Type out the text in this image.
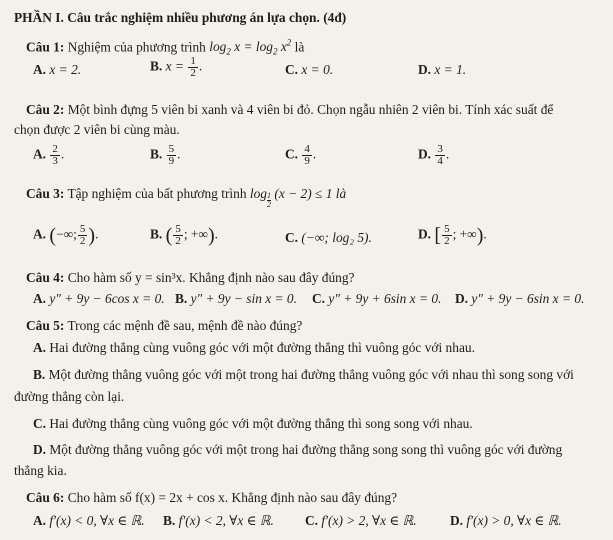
PHẦN I. Câu trắc nghiệm nhiều phương án lựa chọn. (4đ)
Câu 1: Nghiệm của phương trình $\log_2 x = \log_2 x^2$ là
A. x = 2.	B. $x = \frac{1}{2}$ .	C. x = 0.	D. x = 1.
Câu 2: Một bình đựng 5 viên bi xanh và 4 viên bi đỏ. Chọn ngẫu nhiên 2 viên bi. Tính xác suất để
chọn được 2 viên bi cùng màu.
A. $\frac{2}{3}$ .	B. $\frac{5}{9}$ .	C. $\frac{4}{9}$ .	D. $\frac{3}{4}$ .
Câu 3: Tập nghiệm của bất phương trình $\log \frac{1}{2} (x - 2) \le 1$ là
A. (−∞; $\frac{5}{2}$ ).	B. ( $\frac{5}{2}$ ; +∞).	C. (−∞; log₂ 5).	D. [ $\frac{5}{2}$ ; +∞).
Câu 4: Cho hàm số y = sin³x. Khẳng định nào sau đây đúng?
A. y″ + 9y − 6cos x = 0. B. y″ + 9y − sin x = 0. C. y″ + 9y + 6sin x = 0. D. y″ + 9y − 6sin x = 0.
Câu 5: Trong các mệnh đề sau, mệnh đề nào đúng?
A. Hai đường thẳng cùng vuông góc với một đường thẳng thì vuông góc với nhau.
B. Một đường thẳng vuông góc với một trong hai đường thẳng vuông góc với nhau thì song song với
đường thẳng còn lại.
C. Hai đường thẳng cùng vuông góc với một đường thẳng thì song song với nhau.
D. Một đường thẳng vuông góc với một trong hai đường thẳng song song thì vuông góc với đường
thẳng kia.
Câu 6: Cho hàm số f(x) = 2x + cos x. Khẳng định nào sau đây đúng?
A. f′(x) < 0, ∀x ∈ ℝ. B. f′(x) < 2, ∀x ∈ ℝ. C. f′(x) > 2, ∀x ∈ ℝ. D. f′(x) > 0, ∀x ∈ ℝ.
